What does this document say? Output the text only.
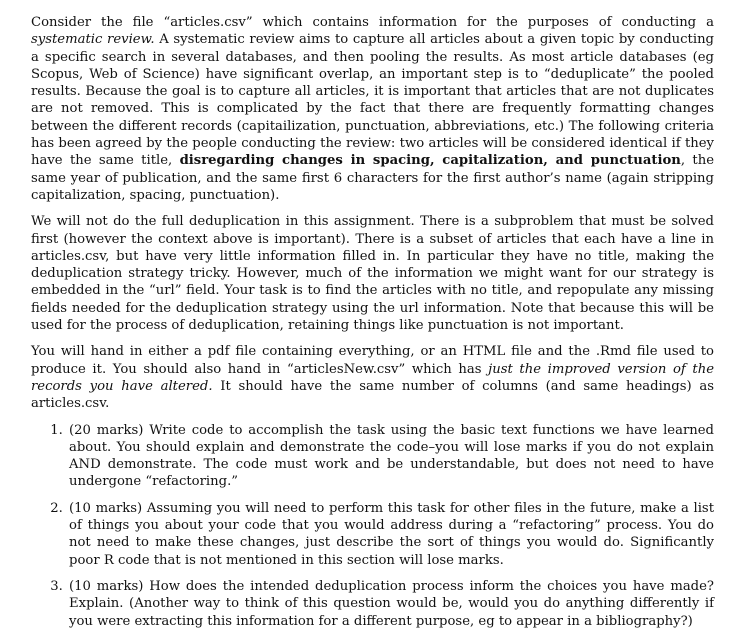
Consider the file “articles.csv” which contains information for the purposes of conducting a systematic review. A systematic review aims to capture all articles about a given topic by conducting a specific search in several databases, and then pooling the results. As most article databases (eg Scopus, Web of Science) have significant overlap, an important step is to “deduplicate” the pooled results. Because the goal is to capture all articles, it is important that articles that are not duplicates are not removed. This is complicated by the fact that there are frequently formatting changes between the different records (capitailization, punctuation, abbreviations, etc.) The following criteria has been agreed by the people conducting the review: two articles will be considered identical if they have the same title, disregarding changes in spacing, capitalization, and punctuation, the same year of publication, and the same first 6 characters for the first author’s name (again stripping capitalization, spacing, punctuation).

We will not do the full deduplication in this assignment. There is a subproblem that must be solved first (however the context above is important). There is a subset of articles that each have a line in articles.csv, but have very little information filled in. In particular they have no title, making the deduplication strategy tricky. However, much of the information we might want for our strategy is embedded in the “url” field. Your task is to find the articles with no title, and repopulate any missing fields needed for the deduplication strategy using the url information. Note that because this will be used for the process of deduplication, retaining things like punctuation is not important.

You will hand in either a pdf file containing everything, or an HTML file and the .Rmd file used to produce it. You should also hand in “articlesNew.csv” which has just the improved version of the records you have altered. It should have the same number of columns (and same headings) as articles.csv.

1. (20 marks) Write code to accomplish the task using the basic text functions we have learned about. You should explain and demonstrate the code–you will lose marks if you do not explain AND demonstrate. The code must work and be understandable, but does not need to have undergone “refactoring.”
2. (10 marks) Assuming you will need to perform this task for other files in the future, make a list of things you about your code that you would address during a “refactoring” process. You do not need to make these changes, just describe the sort of things you would do. Significantly poor R code that is not mentioned in this section will lose marks.
3. (10 marks) How does the intended deduplication process inform the choices you have made? Explain. (Another way to think of this question would be, would you do anything differently if you were extracting this information for a different purpose, eg to appear in a bibliography?)
